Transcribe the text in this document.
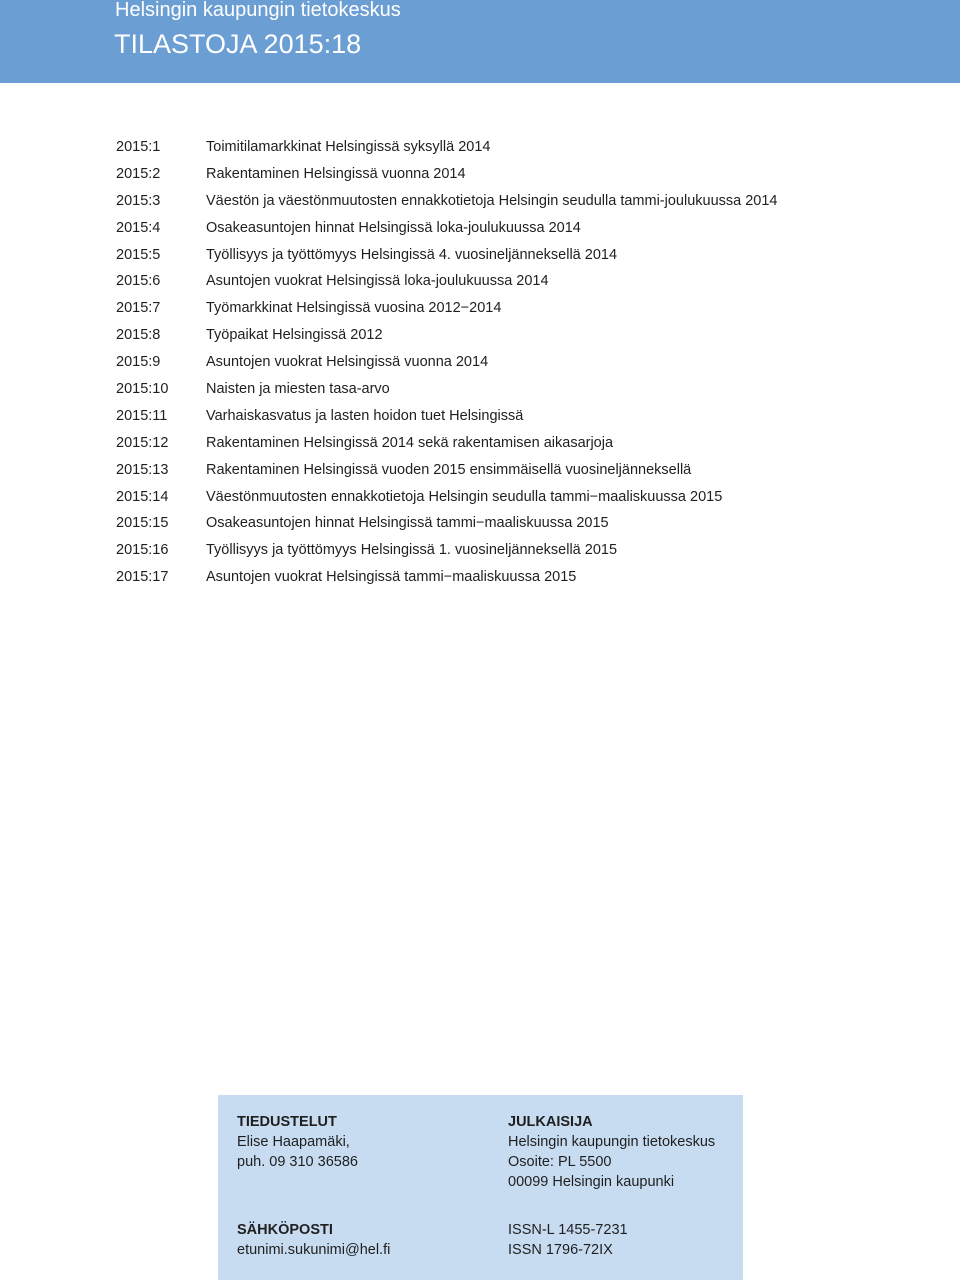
Helsingin kaupungin tietokeskus
TILASTOJA 2015:18
2015:1	Toimitilamarkkinat Helsingissä syksyllä 2014
2015:2	Rakentaminen Helsingissä vuonna 2014
2015:3	Väestön ja väestönmuutosten ennakkotietoja Helsingin seudulla tammi-joulukuussa 2014
2015:4	Osakeasuntojen hinnat Helsingissä loka-joulukuussa 2014
2015:5	Työllisyys ja työttömyys Helsingissä 4. vuosineljänneksellä 2014
2015:6	Asuntojen vuokrat Helsingissä loka-joulukuussa 2014
2015:7	Työmarkkinat Helsingissä vuosina 2012−2014
2015:8	Työpaikat Helsingissä 2012
2015:9	Asuntojen vuokrat Helsingissä vuonna 2014
2015:10	Naisten ja miesten tasa-arvo
2015:11	Varhaiskasvatus ja lasten hoidon tuet Helsingissä
2015:12	Rakentaminen Helsingissä 2014 sekä rakentamisen aikasarjoja
2015:13	Rakentaminen Helsingissä vuoden 2015 ensimmäisellä vuosineljänneksellä
2015:14	Väestönmuutosten ennakkotietoja Helsingin seudulla tammi−maaliskuussa 2015
2015:15	Osakeasuntojen hinnat Helsingissä tammi−maaliskuussa 2015
2015:16	Työllisyys ja työttömyys Helsingissä 1. vuosineljänneksellä 2015
2015:17	Asuntojen vuokrat Helsingissä tammi−maaliskuussa 2015
TIEDUSTELUT
Elise Haapamäki,
puh. 09 310 36586
SÄHKÖPOSTI
etunimi.sukunimi@hel.fi
JULKAISIJA
Helsingin kaupungin tietokeskus
Osoite: PL 5500
00099 Helsingin kaupunki
ISSN-L 1455-7231
ISSN 1796-72IX
